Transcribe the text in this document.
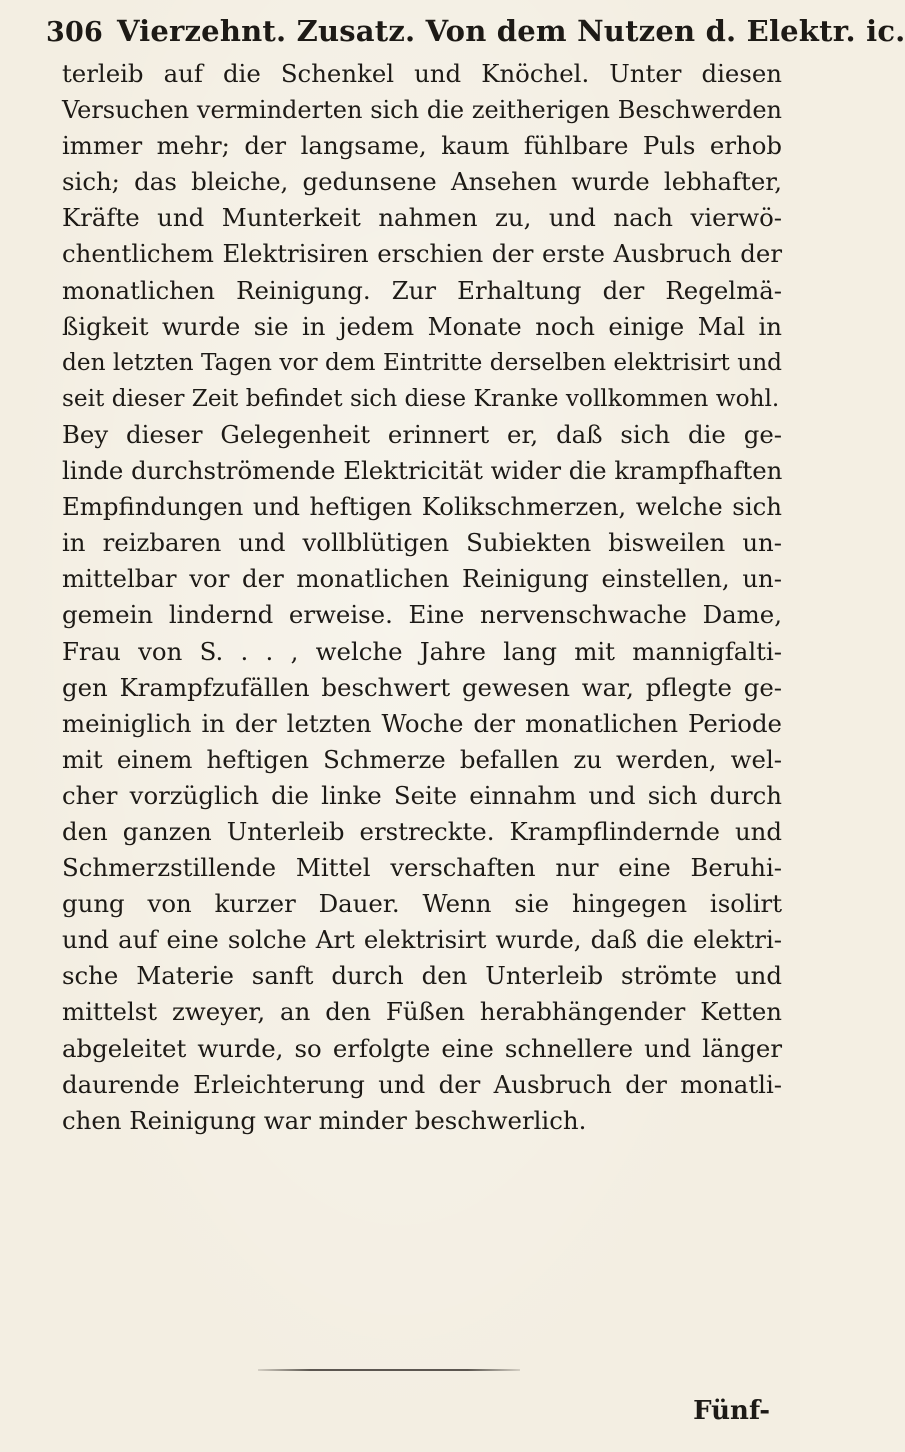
306 Vierzehnt. Zusatz. Von dem Nutzen d. Elektr. ic.
terleib auf die Schenkel und Knöchel. Unter diesen
Versuchen verminderten sich die zeitherigen Beschwerden
immer mehr; der langsame, kaum fühlbare Puls erhob
sich; das bleiche, gedunsene Ansehen wurde lebhafter,
Kräfte und Munterkeit nahmen zu, und nach vierwö-
chentlichem Elektrisiren erschien der erste Ausbruch der
monatlichen Reinigung. Zur Erhaltung der Regelmä-
ßigkeit wurde sie in jedem Monate noch einige Mal in
den letzten Tagen vor dem Eintritte derselben elektrisirt und
seit dieser Zeit befindet sich diese Kranke vollkommen wohl.
Bey dieser Gelegenheit erinnert er, daß sich die ge-
linde durchströmende Elektricität wider die krampfhaften
Empfindungen und heftigen Kolikschmerzen, welche sich
in reizbaren und vollblütigen Subiekten bisweilen un-
mittelbar vor der monatlichen Reinigung einstellen, un-
gemein lindernd erweise. Eine nervenschwache Dame,
Frau von S. . . , welche Jahre lang mit mannigfalti-
gen Krampfzufällen beschwert gewesen war, pflegte ge-
meiniglich in der letzten Woche der monatlichen Periode
mit einem heftigen Schmerze befallen zu werden, wel-
cher vorzüglich die linke Seite einnahm und sich durch
den ganzen Unterleib erstreckte. Krampflindernde und
Schmerzstillende Mittel verschaften nur eine Beruhi-
gung von kurzer Dauer. Wenn sie hingegen isolirt
und auf eine solche Art elektrisirt wurde, daß die elektri-
sche Materie sanft durch den Unterleib strömte und
mittelst zweyer, an den Füßen herabhängender Ketten
abgeleitet wurde, so erfolgte eine schnellere und länger
daurende Erleichterung und der Ausbruch der monatli-
chen Reinigung war minder beschwerlich.
Fünf-
